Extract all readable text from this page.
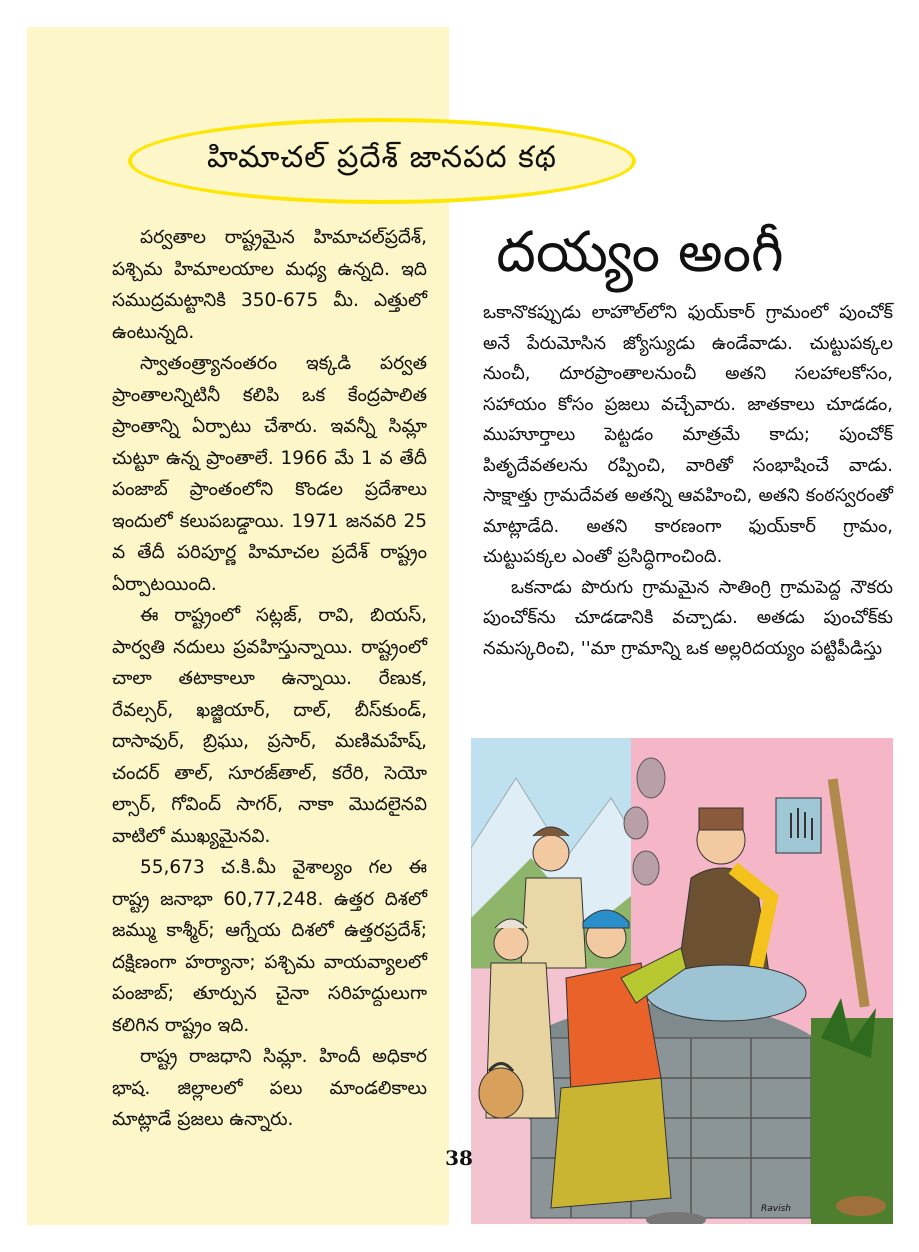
హిమాచల్ ప్రదేశ్ జానపద కథ
దయ్యం అంగీ

పర్వతాల రాష్ట్రమైన హిమాచల్‌ప్రదేశ్, పశ్చిమ హిమాలయాల మధ్య ఉన్నది. ఇది సముద్రమట్టానికి 350-675 మీ. ఎత్తులో ఉంటున్నది.

స్వాతంత్ర్యానంతరం ఇక్కడి పర్వత ప్రాంతాలన్నిటినీ కలిపి ఒక కేంద్రపాలిత ప్రాంతాన్ని ఏర్పాటు చేశారు. ఇవన్నీ సిమ్లా చుట్టూ ఉన్న ప్రాంతాలే. 1966 మే 1 వ తేదీ పంజాబ్ ప్రాంతంలోని కొండల ప్రదేశాలు ఇందులో కలుపబడ్డాయి. 1971 జనవరి 25 వ తేదీ పరిపూర్ణ హిమాచల ప్రదేశ్ రాష్ట్రం ఏర్పాటయింది.

ఈ రాష్ట్రంలో సట్లజ్, రావి, బియస్, పార్వతి నదులు ప్రవహిస్తున్నాయి. రాష్ట్రంలో చాలా తటాకాలూ ఉన్నాయి. రేణుక, రేవల్సర్, ఖజ్జియార్, దాల్, బీస్‌కుండ్, దాసావుర్, బ్రిఘు, ప్రసార్, మణిమహేష్, చందర్ తాల్, సూరజ్‌తాల్, కరేరి, సెయో ల్సార్, గోవింద్ సాగర్, నాకా మొదలైనవి వాటిలో ముఖ్యమైనవి.

55,673 చ.కి.మీ వైశాల్యం గల ఈ రాష్ట్ర జనాభా 60,77,248. ఉత్తర దిశలో జమ్ము కాశ్మీర్; ఆగ్నేయ దిశలో ఉత్తరప్రదేశ్; దక్షిణంగా హర్యానా; పశ్చిమ వాయవ్యాలలో పంజాబ్; తూర్పున చైనా సరిహద్దులుగా కలిగిన రాష్ట్రం ఇది.

రాష్ట్ర రాజధాని సిమ్లా. హిందీ అధికార భాష. జిల్లాలలో పలు మాండలికాలు మాట్లాడే ప్రజలు ఉన్నారు.

ఒకానొకప్పుడు లాహౌల్‌లోని ఫుయ్‌కార్ గ్రామంలో పుంచోక్ అనే పేరుమోసిన జ్యోస్యుడు ఉండేవాడు. చుట్టుపక్కల నుంచీ, దూరప్రాంతాలనుంచీ అతని సలహాలకోసం, సహాయం కోసం ప్రజలు వచ్చేవారు. జాతకాలు చూడడం, ముహూర్తాలు పెట్టడం మాత్రమే కాదు; పుంచోక్ పితృదేవతలను రప్పించి, వారితో సంభాషించే వాడు. సాక్షాత్తు గ్రామదేవత అతన్ని ఆవహించి, అతని కంఠస్వరంతో మాట్లాడేది. అతని కారణంగా ఫుయ్‌కార్ గ్రామం, చుట్టుపక్కల ఎంతో ప్రసిద్ధిగాంచింది.

ఒకనాడు పొరుగు గ్రామమైన సాతింగ్రి గ్రామపెద్ద నౌకరు పుంచోక్‌ను చూడడానికి వచ్చాడు. అతడు పుంచోక్‌కు నమస్కరించి, ''మా గ్రామాన్ని ఒక అల్లరిదయ్యం పట్టిపీడిస్తు

Ravish
38
